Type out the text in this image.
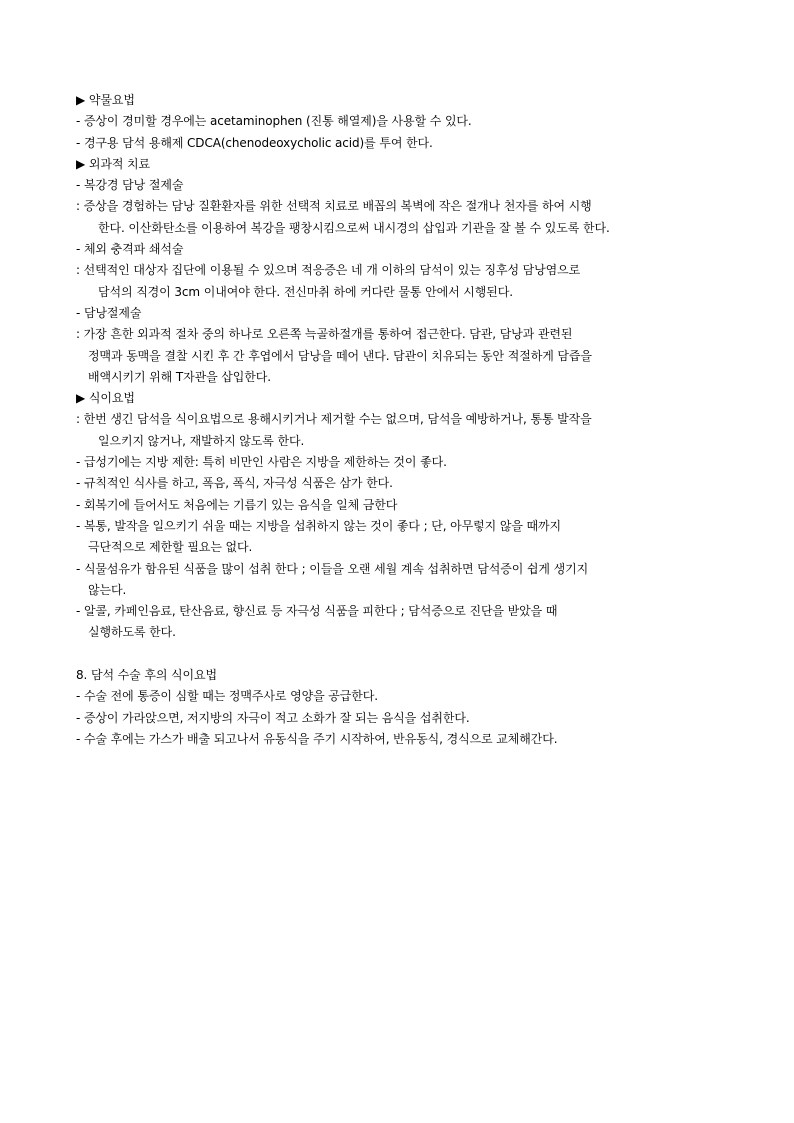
▶ 약물요법
- 증상이 경미할 경우에는 acetaminophen (진통 해열제)을 사용할 수 있다.
- 경구용 담석 용해제 CDCA(chenodeoxycholic acid)를 투여 한다.
▶ 외과적 치료
- 복강경 담낭 절제술
: 증상을 경험하는 담낭 질환환자를 위한 선택적 치료로 배꼽의 복벽에 작은 절개나 천자를 하여 시행
한다. 이산화탄소를 이용하여 복강을 팽창시킴으로써 내시경의 삽입과 기관을 잘 볼 수 있도록 한다.
- 체외 충격파 쇄석술
: 선택적인 대상자 집단에 이용될 수 있으며 적응증은 네 개 이하의 담석이 있는 징후성 담낭염으로
담석의 직경이 3cm 이내여야 한다. 전신마취 하에 커다란 물통 안에서 시행된다.
- 담낭절제술
: 가장 흔한 외과적 절차 중의 하나로 오른쪽 늑골하절개를 통하여 접근한다. 담관, 담낭과 관련된
정맥과 동맥을 결찰 시킨 후 간 후엽에서 담낭을 떼어 낸다. 담관이 치유되는 동안 적절하게 담즙을
배액시키기 위해 T자관을 삽입한다.
▶ 식이요법
: 한번 생긴 담석을 식이요법으로 용해시키거나 제거할 수는 없으며, 담석을 예방하거나, 통통 발작을
일으키지 않거나, 재발하지 않도록 한다.
- 급성기에는 지방 제한: 특히 비만인 사람은 지방을 제한하는 것이 좋다.
- 규칙적인 식사를 하고, 폭음, 폭식, 자극성 식품은 삼가 한다.
- 회복기에 들어서도 처음에는 기름기 있는 음식을 일체 금한다
- 복통, 발작을 일으키기 쉬울 때는 지방을 섭취하지 않는 것이 좋다 ; 단, 아무렇지 않을 때까지
극단적으로 제한할 필요는 없다.
- 식물섬유가 함유된 식품을 많이 섭취 한다 ; 이들을 오랜 세월 계속 섭취하면 담석증이 쉽게 생기지
않는다.
- 알콜, 카페인음료, 탄산음료, 향신료 등 자극성 식품을 피한다 ; 담석증으로 진단을 받았을 때
실행하도록 한다.
8. 담석 수술 후의 식이요법
- 수술 전에 통증이 심할 때는 정맥주사로 영양을 공급한다.
- 증상이 가라앉으면, 저지방의 자극이 적고 소화가 잘 되는 음식을 섭취한다.
- 수술 후에는 가스가 배출 되고나서 유동식을 주기 시작하여, 반유동식, 경식으로 교체해간다.
